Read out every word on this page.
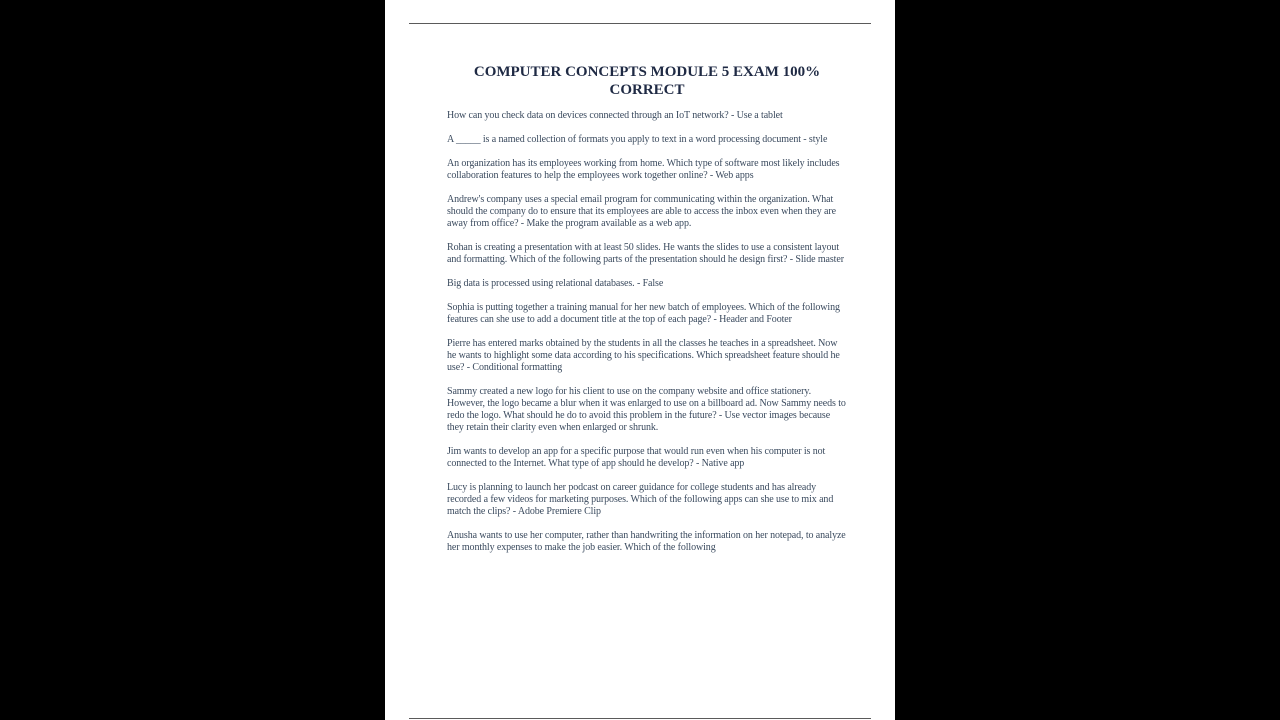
COMPUTER CONCEPTS MODULE 5 EXAM 100% CORRECT

How can you check data on devices connected through an IoT network? - Use a tablet

A _____ is a named collection of formats you apply to text in a word processing document - style

An organization has its employees working from home. Which type of software most likely includes collaboration features to help the employees work together online? - Web apps

Andrew's company uses a special email program for communicating within the organization. What should the company do to ensure that its employees are able to access the inbox even when they are away from office? - Make the program available as a web app.

Rohan is creating a presentation with at least 50 slides. He wants the slides to use a consistent layout and formatting. Which of the following parts of the presentation should he design first? - Slide master

Big data is processed using relational databases. - False

Sophia is putting together a training manual for her new batch of employees. Which of the following features can she use to add a document title at the top of each page? - Header and Footer

Pierre has entered marks obtained by the students in all the classes he teaches in a spreadsheet. Now he wants to highlight some data according to his specifications. Which spreadsheet feature should he use? - Conditional formatting

Sammy created a new logo for his client to use on the company website and office stationery. However, the logo became a blur when it was enlarged to use on a billboard ad. Now Sammy needs to redo the logo. What should he do to avoid this problem in the future? - Use vector images because they retain their clarity even when enlarged or shrunk.

Jim wants to develop an app for a specific purpose that would run even when his computer is not connected to the Internet. What type of app should he develop? - Native app

Lucy is planning to launch her podcast on career guidance for college students and has already recorded a few videos for marketing purposes. Which of the following apps can she use to mix and match the clips? - Adobe Premiere Clip

Anusha wants to use her computer, rather than handwriting the information on her notepad, to analyze her monthly expenses to make the job easier. Which of the following
